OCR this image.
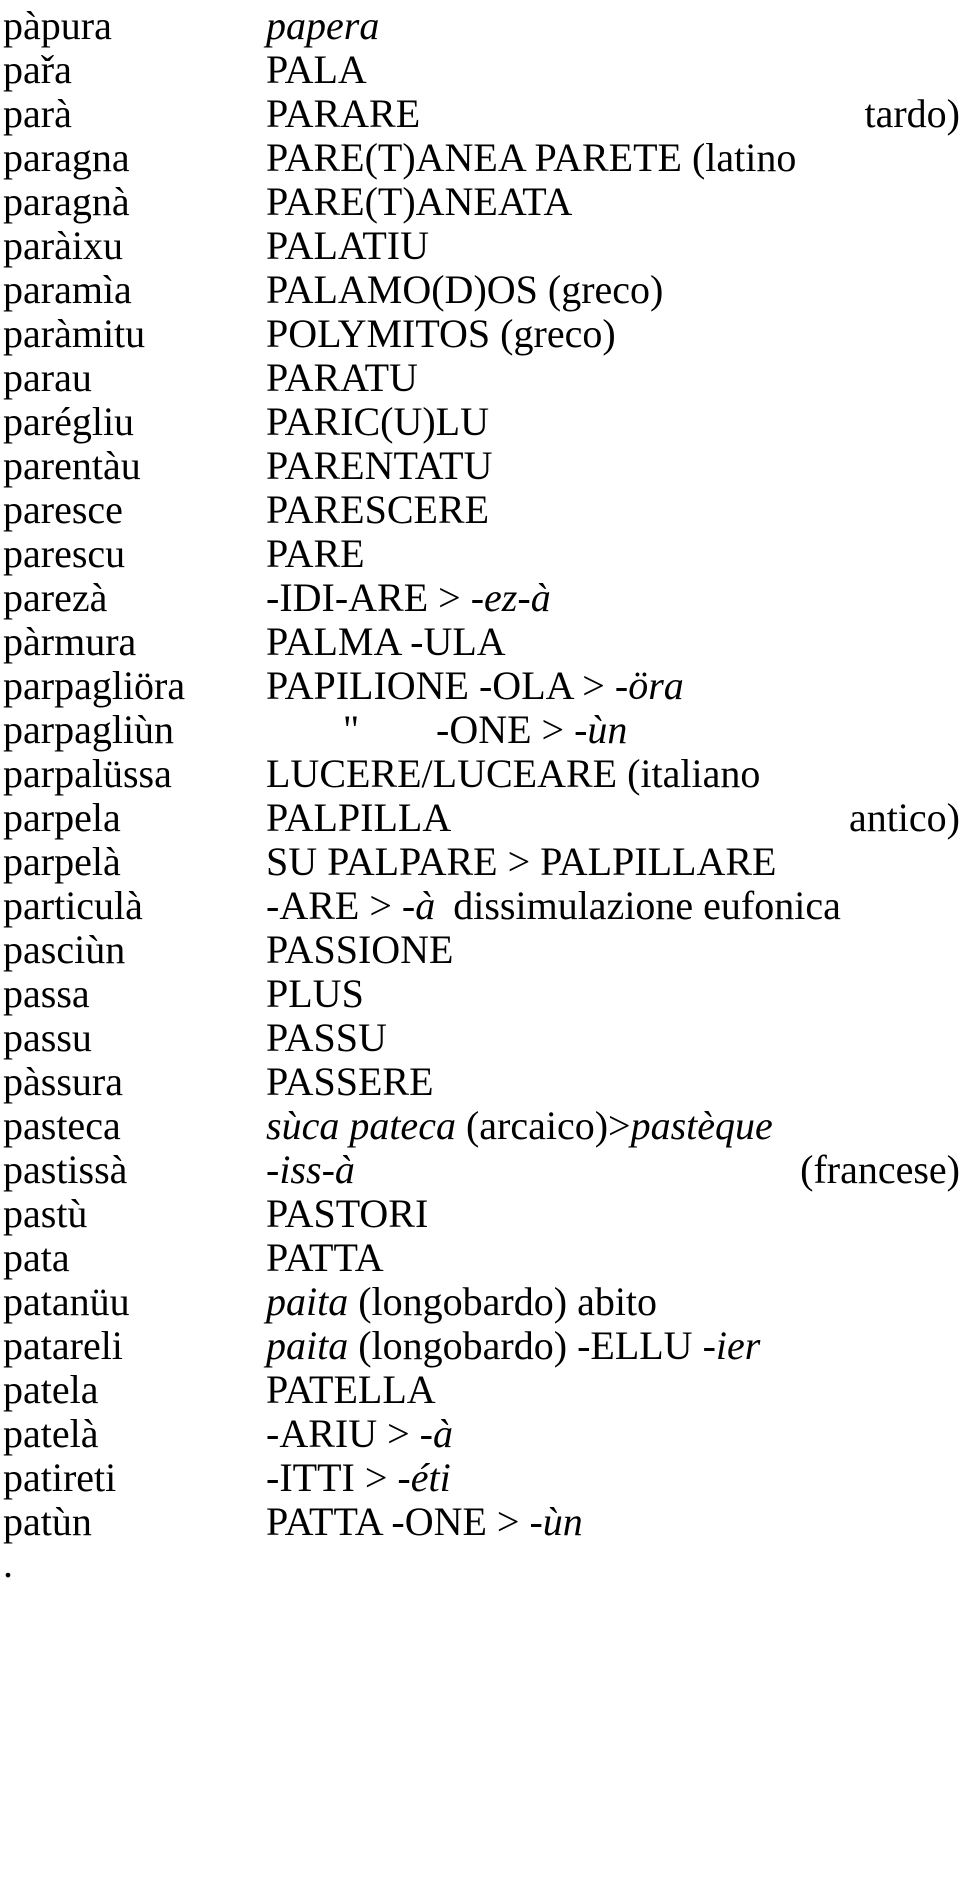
pàpura	papera
pařa	PALA
parà	PARARE	tardo)
paragna	PARE(T)ANEA PARETE (latino
paragnà	PARE(T)ANEATA
paràixu	PALATIU
paramìa	PALAMO(D)OS (greco)
paràmitu	POLYMITOS (greco)
parau	PARATU
parégliu	PARIC(U)LU
parentàu	PARENTATU
paresce	PARESCERE
parescu	PARE
parezà	-IDI-ARE > -ez-à
pàrmura	PALMA -ULA
parpagliöra PAPILIONE -OLA > -öra
parpagliùn	" -ONE > -ùn
parpalüssa LUCERE/LUCEARE (italiano
parpela	PALPILLA	antico)
parpelà	SU PALPARE > PALPILLARE
particulà	-ARE > -à dissimulazione eufonica
pasciùn	PASSIONE
passa	PLUS
passu	PASSU
pàssura	PASSERE
pasteca	sùca pateca (arcaico)>pastèque
pastissà	-iss-à	(francese)
pastù	PASTORI
pata	PATTA
patanüu	paita (longobardo) abito
patareli	paita (longobardo) -ELLU -ier
patela	PATELLA
patelà	-ARIU > -à
patireti	-ITTI > -éti
patùn	PATTA -ONE > -ùn
.
